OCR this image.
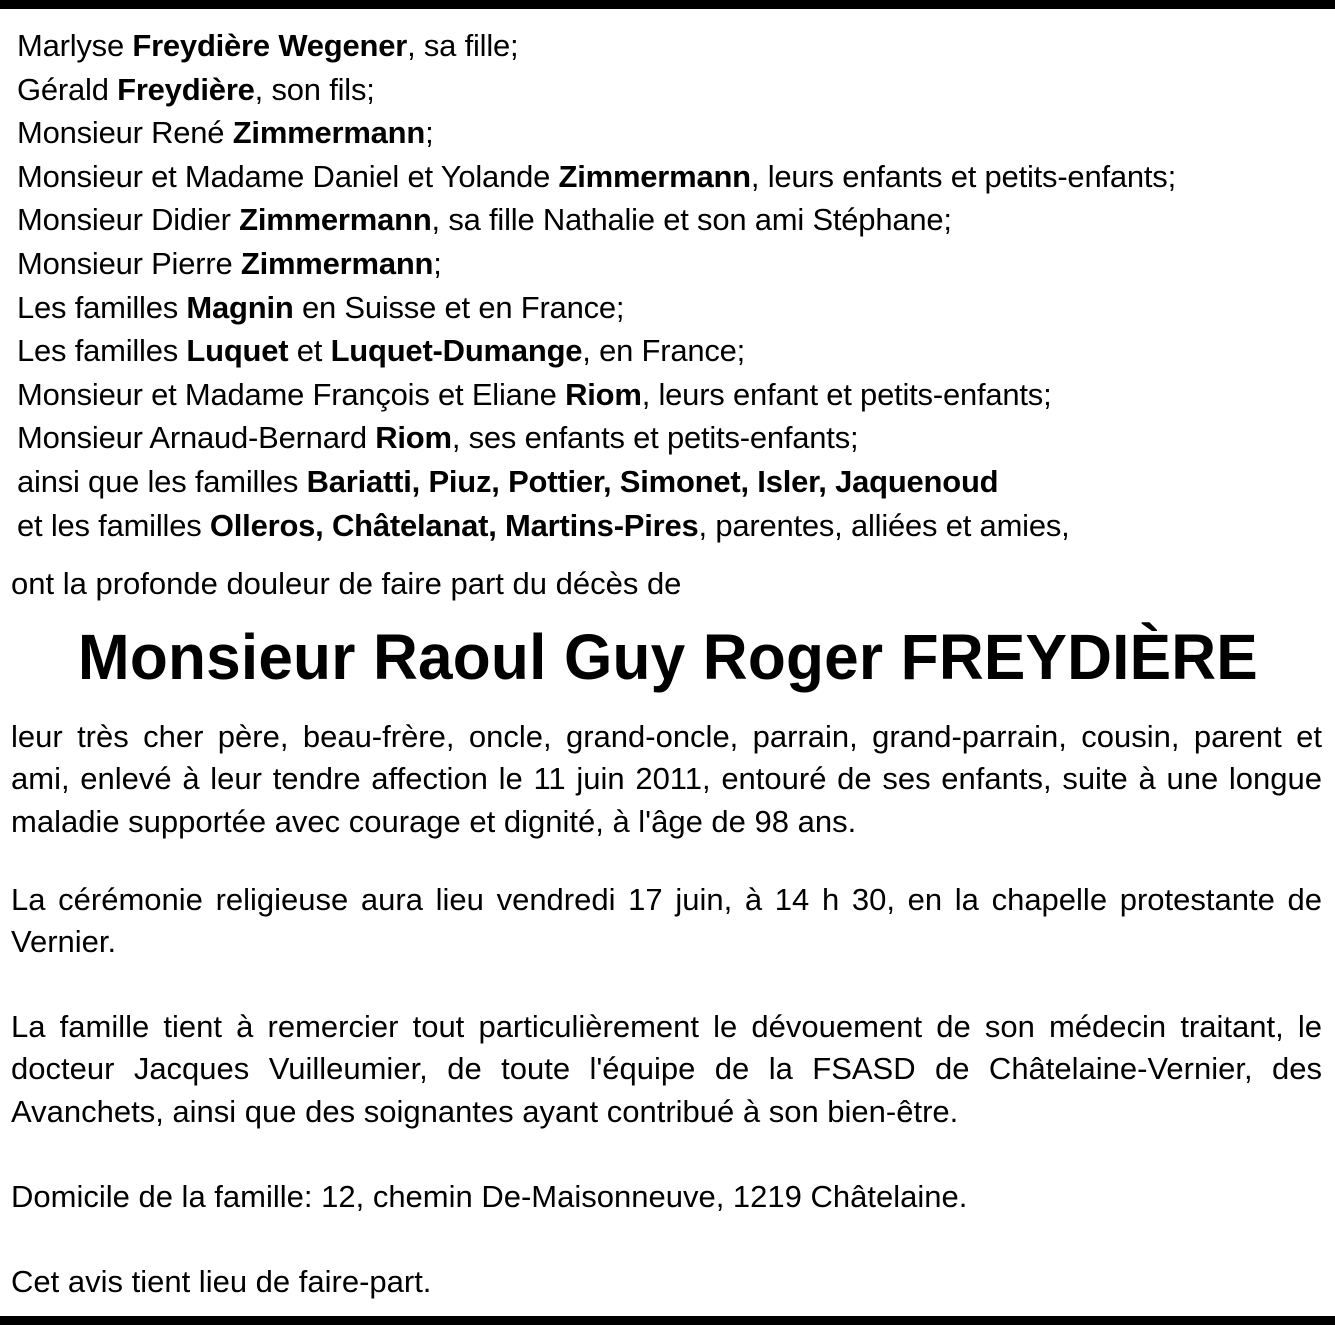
Marlyse Freydière Wegener, sa fille;
Gérald Freydière, son fils;
Monsieur René Zimmermann;
Monsieur et Madame Daniel et Yolande Zimmermann, leurs enfants et petits-enfants;
Monsieur Didier Zimmermann, sa fille Nathalie et son ami Stéphane;
Monsieur Pierre Zimmermann;
Les familles Magnin en Suisse et en France;
Les familles Luquet et Luquet-Dumange, en France;
Monsieur et Madame François et Eliane Riom, leurs enfant et petits-enfants;
Monsieur Arnaud-Bernard Riom, ses enfants et petits-enfants;
ainsi que les familles Bariatti, Piuz, Pottier, Simonet, Isler, Jaquenoud
et les familles Olleros, Châtelanat, Martins-Pires, parentes, alliées et amies,
ont la profonde douleur de faire part du décès de
Monsieur Raoul Guy Roger FREYDIÈRE

leur très cher père, beau-frère, oncle, grand-oncle, parrain, grand-parrain, cousin, parent et ami, enlevé à leur tendre affection le 11 juin 2011, entouré de ses enfants, suite à une longue maladie supportée avec courage et dignité, à l'âge de 98 ans.

La cérémonie religieuse aura lieu vendredi 17 juin, à 14 h 30, en la chapelle protestante de Vernier.

La famille tient à remercier tout particulièrement le dévouement de son médecin traitant, le docteur Jacques Vuilleumier, de toute l'équipe de la FSASD de Châtelaine-Vernier, des Avanchets, ainsi que des soignantes ayant contribué à son bien-être.

Domicile de la famille: 12, chemin De-Maisonneuve, 1219 Châtelaine.

Cet avis tient lieu de faire-part.
